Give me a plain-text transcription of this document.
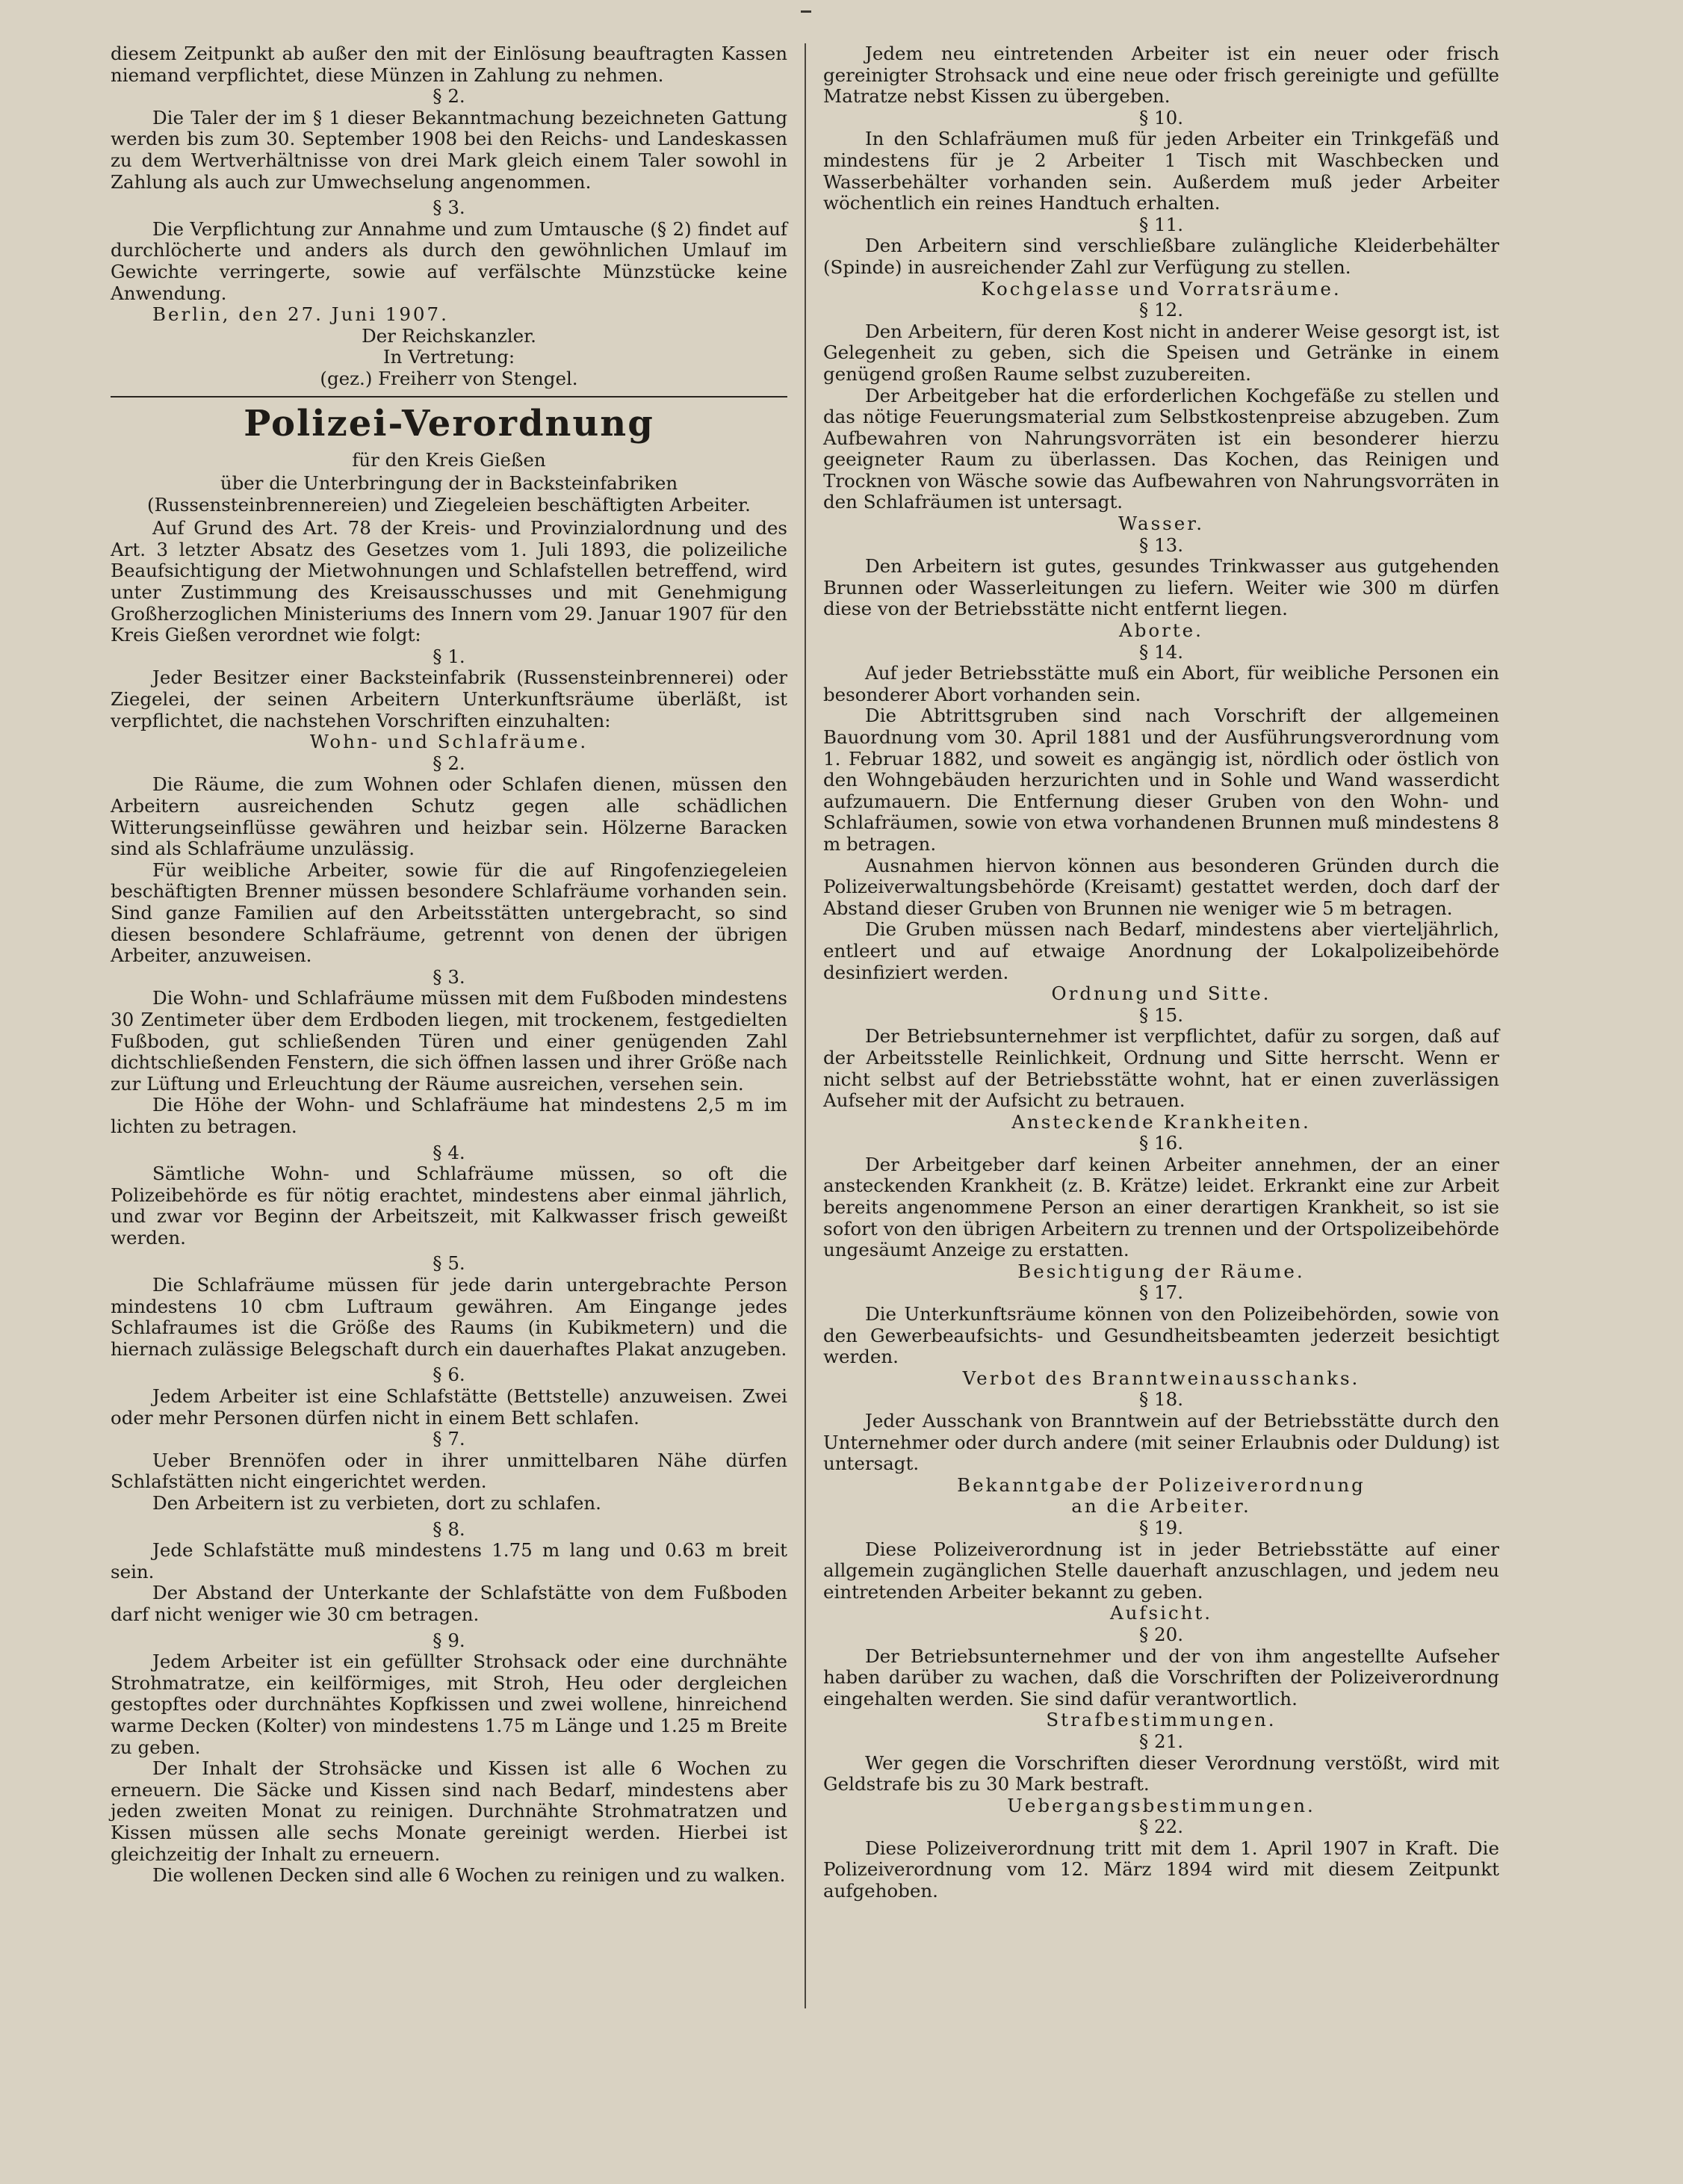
diesem Zeitpunkt ab außer den mit der Einlösung beauftragten Kassen niemand verpflichtet, diese Münzen in Zahlung zu nehmen.

§ 2.

Die Taler der im § 1 dieser Bekanntmachung bezeichneten Gattung werden bis zum 30. September 1908 bei den Reichs- und Landeskassen zu dem Wertverhältnisse von drei Mark gleich einem Taler sowohl in Zahlung als auch zur Umwechselung angenommen.

§ 3.

Die Verpflichtung zur Annahme und zum Umtausche (§ 2) findet auf durchlöcherte und anders als durch den gewöhnlichen Umlauf im Gewichte verringerte, sowie auf verfälschte Münzstücke keine Anwendung.

Berlin, den 27. Juni 1907.

Der Reichskanzler.

In Vertretung:

(gez.) Freiherr von Stengel.

Polizei-Verordnung

für den Kreis Gießen

über die Unterbringung der in Backsteinfabriken (Russensteinbrennereien) und Ziegeleien beschäftigten Arbeiter.

Auf Grund des Art. 78 der Kreis- und Provinzialordnung und des Art. 3 letzter Absatz des Gesetzes vom 1. Juli 1893, die polizeiliche Beaufsichtigung der Mietwohnungen und Schlafstellen betreffend, wird unter Zustimmung des Kreisausschusses und mit Genehmigung Großherzoglichen Ministeriums des Innern vom 29. Januar 1907 für den Kreis Gießen verordnet wie folgt:

§ 1.

Jeder Besitzer einer Backsteinfabrik (Russensteinbrennerei) oder Ziegelei, der seinen Arbeitern Unterkunftsräume überläßt, ist verpflichtet, die nachstehen Vorschriften einzuhalten:

Wohn- und Schlafräume.

§ 2.

Die Räume, die zum Wohnen oder Schlafen dienen, müssen den Arbeitern ausreichenden Schutz gegen alle schädlichen Witterungseinflüsse gewähren und heizbar sein. Hölzerne Baracken sind als Schlafräume unzulässig.

Für weibliche Arbeiter, sowie für die auf Ringofenziegeleien beschäftigten Brenner müssen besondere Schlafräume vorhanden sein. Sind ganze Familien auf den Arbeitsstätten untergebracht, so sind diesen besondere Schlafräume, getrennt von denen der übrigen Arbeiter, anzuweisen.

§ 3.

Die Wohn- und Schlafräume müssen mit dem Fußboden mindestens 30 Zentimeter über dem Erdboden liegen, mit trockenem, festgedielten Fußboden, gut schließenden Türen und einer genügenden Zahl dichtschließenden Fenstern, die sich öffnen lassen und ihrer Größe nach zur Lüftung und Erleuchtung der Räume ausreichen, versehen sein.

Die Höhe der Wohn- und Schlafräume hat mindestens 2,5 m im lichten zu betragen.

§ 4.

Sämtliche Wohn- und Schlafräume müssen, so oft die Polizeibehörde es für nötig erachtet, mindestens aber einmal jährlich, und zwar vor Beginn der Arbeitszeit, mit Kalkwasser frisch geweißt werden.

§ 5.

Die Schlafräume müssen für jede darin untergebrachte Person mindestens 10 cbm Luftraum gewähren. Am Eingange jedes Schlafraumes ist die Größe des Raums (in Kubikmetern) und die hiernach zulässige Belegschaft durch ein dauerhaftes Plakat anzugeben.

§ 6.

Jedem Arbeiter ist eine Schlafstätte (Bettstelle) anzuweisen. Zwei oder mehr Personen dürfen nicht in einem Bett schlafen.

§ 7.

Ueber Brennöfen oder in ihrer unmittelbaren Nähe dürfen Schlafstätten nicht eingerichtet werden.

Den Arbeitern ist zu verbieten, dort zu schlafen.

§ 8.

Jede Schlafstätte muß mindestens 1.75 m lang und 0.63 m breit sein.

Der Abstand der Unterkante der Schlafstätte von dem Fußboden darf nicht weniger wie 30 cm betragen.

§ 9.

Jedem Arbeiter ist ein gefüllter Strohsack oder eine durchnähte Strohmatratze, ein keilförmiges, mit Stroh, Heu oder dergleichen gestopftes oder durchnähtes Kopfkissen und zwei wollene, hinreichend warme Decken (Kolter) von mindestens 1.75 m Länge und 1.25 m Breite zu geben.

Der Inhalt der Strohsäcke und Kissen ist alle 6 Wochen zu erneuern. Die Säcke und Kissen sind nach Bedarf, mindestens aber jeden zweiten Monat zu reinigen. Durchnähte Strohmatratzen und Kissen müssen alle sechs Monate gereinigt werden. Hierbei ist gleichzeitig der Inhalt zu erneuern.

Die wollenen Decken sind alle 6 Wochen zu reinigen und zu walken.

Jedem neu eintretenden Arbeiter ist ein neuer oder frisch gereinigter Strohsack und eine neue oder frisch gereinigte und gefüllte Matratze nebst Kissen zu übergeben.

§ 10.

In den Schlafräumen muß für jeden Arbeiter ein Trinkgefäß und mindestens für je 2 Arbeiter 1 Tisch mit Waschbecken und Wasserbehälter vorhanden sein. Außerdem muß jeder Arbeiter wöchentlich ein reines Handtuch erhalten.

§ 11.

Den Arbeitern sind verschließbare zulängliche Kleiderbehälter (Spinde) in ausreichender Zahl zur Verfügung zu stellen.

Kochgelasse und Vorratsräume.

§ 12.

Den Arbeitern, für deren Kost nicht in anderer Weise gesorgt ist, ist Gelegenheit zu geben, sich die Speisen und Getränke in einem genügend großen Raume selbst zuzubereiten.

Der Arbeitgeber hat die erforderlichen Kochgefäße zu stellen und das nötige Feuerungsmaterial zum Selbstkostenpreise abzugeben. Zum Aufbewahren von Nahrungsvorräten ist ein besonderer hierzu geeigneter Raum zu überlassen. Das Kochen, das Reinigen und Trocknen von Wäsche sowie das Aufbewahren von Nahrungsvorräten in den Schlafräumen ist untersagt.

Wasser.

§ 13.

Den Arbeitern ist gutes, gesundes Trinkwasser aus gutgehenden Brunnen oder Wasserleitungen zu liefern. Weiter wie 300 m dürfen diese von der Betriebsstätte nicht entfernt liegen.

Aborte.

§ 14.

Auf jeder Betriebsstätte muß ein Abort, für weibliche Personen ein besonderer Abort vorhanden sein.

Die Abtrittsgruben sind nach Vorschrift der allgemeinen Bauordnung vom 30. April 1881 und der Ausführungsverordnung vom 1. Februar 1882, und soweit es angängig ist, nördlich oder östlich von den Wohngebäuden herzurichten und in Sohle und Wand wasserdicht aufzumauern. Die Entfernung dieser Gruben von den Wohn- und Schlafräumen, sowie von etwa vorhandenen Brunnen muß mindestens 8 m betragen.

Ausnahmen hiervon können aus besonderen Gründen durch die Polizeiverwaltungsbehörde (Kreisamt) gestattet werden, doch darf der Abstand dieser Gruben von Brunnen nie weniger wie 5 m betragen.

Die Gruben müssen nach Bedarf, mindestens aber vierteljährlich, entleert und auf etwaige Anordnung der Lokalpolizeibehörde desinfiziert werden.

Ordnung und Sitte.

§ 15.

Der Betriebsunternehmer ist verpflichtet, dafür zu sorgen, daß auf der Arbeitsstelle Reinlichkeit, Ordnung und Sitte herrscht. Wenn er nicht selbst auf der Betriebsstätte wohnt, hat er einen zuverlässigen Aufseher mit der Aufsicht zu betrauen.

Ansteckende Krankheiten.

§ 16.

Der Arbeitgeber darf keinen Arbeiter annehmen, der an einer ansteckenden Krankheit (z. B. Krätze) leidet. Erkrankt eine zur Arbeit bereits angenommene Person an einer derartigen Krankheit, so ist sie sofort von den übrigen Arbeitern zu trennen und der Ortspolizeibehörde ungesäumt Anzeige zu erstatten.

Besichtigung der Räume.

§ 17.

Die Unterkunftsräume können von den Polizeibehörden, sowie von den Gewerbeaufsichts- und Gesundheitsbeamten jederzeit besichtigt werden.

Verbot des Branntweinausschanks.

§ 18.

Jeder Ausschank von Branntwein auf der Betriebsstätte durch den Unternehmer oder durch andere (mit seiner Erlaubnis oder Duldung) ist untersagt.

Bekanntgabe der Polizeiverordnung

an die Arbeiter.

§ 19.

Diese Polizeiverordnung ist in jeder Betriebsstätte auf einer allgemein zugänglichen Stelle dauerhaft anzuschlagen, und jedem neu eintretenden Arbeiter bekannt zu geben.

Aufsicht.

§ 20.

Der Betriebsunternehmer und der von ihm angestellte Aufseher haben darüber zu wachen, daß die Vorschriften der Polizeiverordnung eingehalten werden. Sie sind dafür verantwortlich.

Strafbestimmungen.

§ 21.

Wer gegen die Vorschriften dieser Verordnung verstößt, wird mit Geldstrafe bis zu 30 Mark bestraft.

Uebergangsbestimmungen.

§ 22.

Diese Polizeiverordnung tritt mit dem 1. April 1907 in Kraft. Die Polizeiverordnung vom 12. März 1894 wird mit diesem Zeitpunkt aufgehoben.
